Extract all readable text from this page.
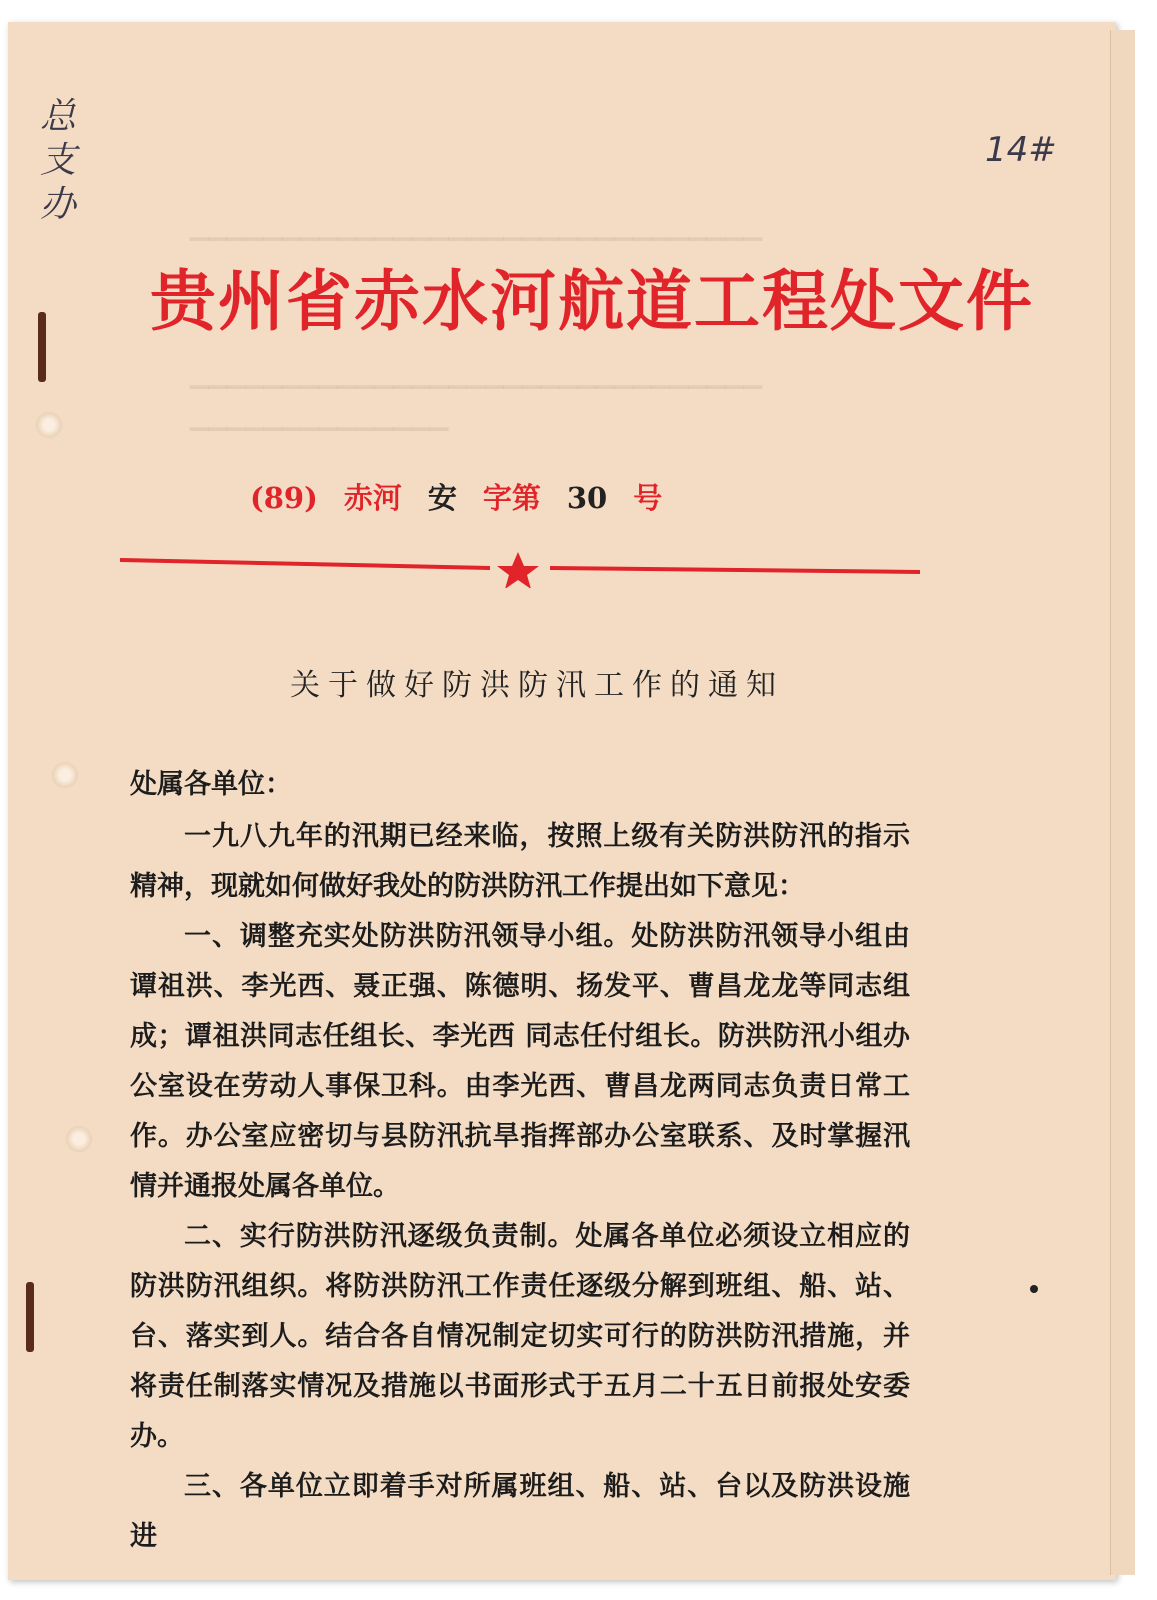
▁▁▁▁▁▁▁▁▁▁▁▁▁▁▁▁▁▁▁▁▁▁▁▁▁▁▁▁▁▁▁
▁▁▁▁▁▁▁▁▁▁▁▁▁▁▁▁▁▁▁▁▁▁▁▁▁▁▁▁▁▁▁
▁▁▁▁▁▁▁▁▁▁▁▁▁▁
总支办
14#
贵州省赤水河航道工程处文件
(89) 赤河 安 字第 30 号
关于做好防洪防汛工作的通知

处属各单位：

一九八九年的汛期已经来临，按照上级有关防洪防汛的指示精神，现就如何做好我处的防洪防汛工作提出如下意见：

一、调整充实处防洪防汛领导小组。处防洪防汛领导小组由谭祖洪、李光西、聂正强、陈德明、扬发平、曹昌龙龙等同志组成；谭祖洪同志任组长、李光西 同志任付组长。防洪防汛小组办公室设在劳动人事保卫科。由李光西、曹昌龙两同志负责日常工作。办公室应密切与县防汛抗旱指挥部办公室联系、及时掌握汛情并通报处属各单位。

二、实行防洪防汛逐级负责制。处属各单位必须设立相应的防洪防汛组织。将防洪防汛工作责任逐级分解到班组、船、站、台、落实到人。结合各自情况制定切实可行的防洪防汛措施，并将责任制落实情况及措施以书面形式于五月二十五日前报处安委办。

三、各单位立即着手对所属班组、船、站、台以及防洪设施进
